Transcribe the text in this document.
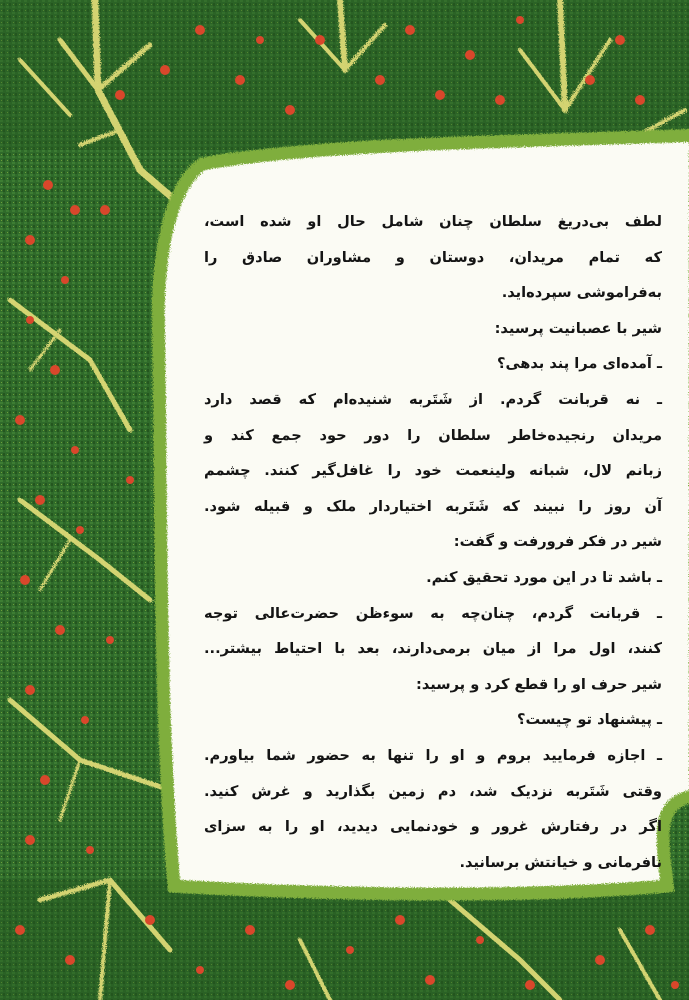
لطف بی‌دریغ سلطان چنان شامل حال او شده است،
که تمام مریدان، دوستان و مشاوران صادق را
به‌فراموشی سپرده‌اید.
شیر با عصبانیت پرسید:
ـ آمده‌ای مرا پند بدهی؟
ـ نه قربانت گردم. از شَتَربه شنیده‌ام که قصد دارد
مریدان رنجیده‌خاطر سلطان را دور حود جمع کند و
زبانم لال، شبانه ولینعمت خود را غافل‌گیر کنند. چشمم
آن روز را نبیند که شَتَربه اختیاردار ملک و قبیله شود.
شیر در فکر فرورفت و گفت:
ـ باشد تا در این مورد تحقیق کنم.
ـ قربانت گردم، چنان‌چه به سوءظن حضرت‌عالی توجه
کنند، اول مرا از میان برمی‌دارند، بعد با احتیاط بیشتر...
شیر حرف او را قطع کرد و پرسید:
ـ پیشنهاد تو چیست؟
ـ اجازه فرمایید بروم و او را تنها به حضور شما بیاورم.
وقتی شَتَربه نزدیک شد، دم زمین بگذارید و غرش کنید.
اگر در رفتارش غرور و خودنمایی دیدید، او را به سزای
نافرمانی و خیانتش برسانید.
